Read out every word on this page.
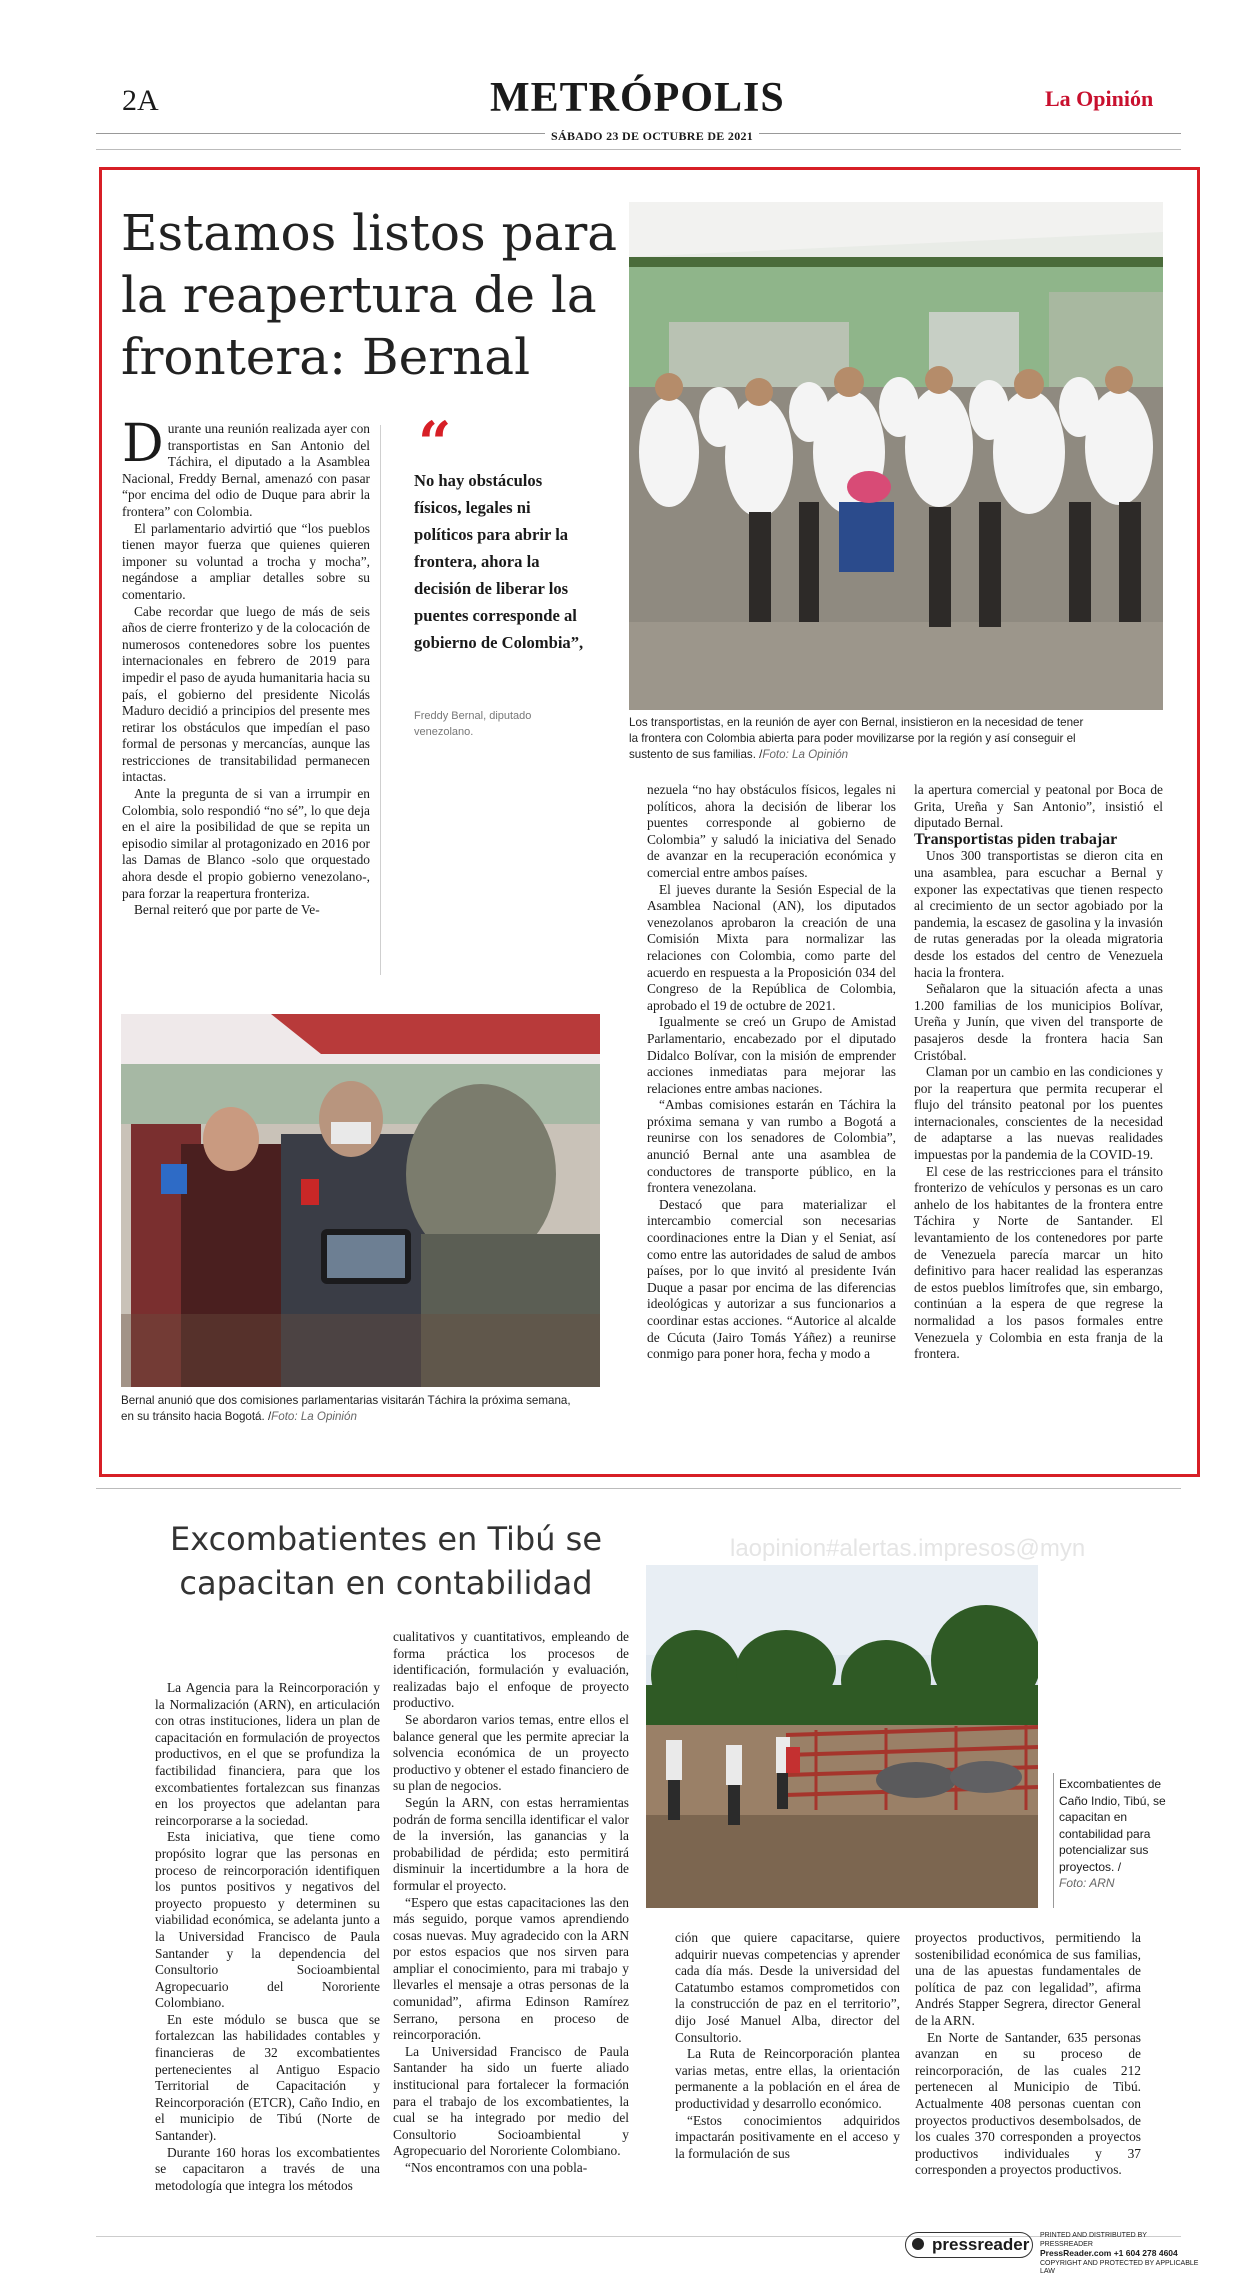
2A	METRÓPOLIS	La Opinión
SÁBADO 23 DE OCTUBRE DE 2021
Estamos listos para la reapertura de la frontera: Bernal

Durante una reunión realizada ayer con transportistas en San Antonio del Táchira, el diputado a la Asamblea Nacional, Freddy Bernal, amenazó con pasar “por encima del odio de Duque para abrir la frontera” con Colombia.

El parlamentario advirtió que “los pueblos tienen mayor fuerza que quienes quieren imponer su voluntad a trocha y mocha”, negándose a ampliar detalles sobre su comentario.

Cabe recordar que luego de más de seis años de cierre fronterizo y de la colocación de numerosos contenedores sobre los puentes internacionales en febrero de 2019 para impedir el paso de ayuda humanitaria hacia su país, el gobierno del presidente Nicolás Maduro decidió a principios del presente mes retirar los obstáculos que impedían el paso formal de personas y mercancías, aunque las restricciones de transitabilidad permanecen intactas.

Ante la pregunta de si van a irrumpir en Colombia, solo respondió “no sé”, lo que deja en el aire la posibilidad de que se repita un episodio similar al protagonizado en 2016 por las Damas de Blanco -solo que orquestado ahora desde el propio gobierno venezolano-, para forzar la reapertura fronteriza.

Bernal reiteró que por parte de Ve-

“
No hay obstáculos físicos, legales ni políticos para abrir la frontera, ahora la decisión de liberar los puentes corresponde al gobierno de Colombia”,
Freddy Bernal, diputado venezolano.
Los transportistas, en la reunión de ayer con Bernal, insistieron en la necesidad de tener la frontera con Colombia abierta para poder movilizarse por la región y así conseguir el sustento de sus familias. /Foto: La Opinión
Bernal anunió que dos comisiones parlamentarias visitarán Táchira la próxima semana, en su tránsito hacia Bogotá. /Foto: La Opinión

nezuela “no hay obstáculos físicos, legales ni políticos, ahora la decisión de liberar los puentes corresponde al gobierno de Colombia” y saludó la iniciativa del Senado de avanzar en la recuperación económica y comercial entre ambos países.

El jueves durante la Sesión Especial de la Asamblea Nacional (AN), los diputados venezolanos aprobaron la creación de una Comisión Mixta para normalizar las relaciones con Colombia, como parte del acuerdo en respuesta a la Proposición 034 del Congreso de la República de Colombia, aprobado el 19 de octubre de 2021.

Igualmente se creó un Grupo de Amistad Parlamentario, encabezado por el diputado Didalco Bolívar, con la misión de emprender acciones inmediatas para mejorar las relaciones entre ambas naciones.

“Ambas comisiones estarán en Táchira la próxima semana y van rumbo a Bogotá a reunirse con los senadores de Colombia”, anunció Bernal ante una asamblea de conductores de transporte público, en la frontera venezolana.

Destacó que para materializar el intercambio comercial son necesarias coordinaciones entre la Dian y el Seniat, así como entre las autoridades de salud de ambos países, por lo que invitó al presidente Iván Duque a pasar por encima de las diferencias ideológicas y autorizar a sus funcionarios a coordinar estas acciones. “Autorice al alcalde de Cúcuta (Jairo Tomás Yáñez) a reunirse conmigo para poner hora, fecha y modo a

la apertura comercial y peatonal por Boca de Grita, Ureña y San Antonio”, insistió el diputado Bernal.

Transportistas piden trabajar

Unos 300 transportistas se dieron cita en una asamblea, para escuchar a Bernal y exponer las expectativas que tienen respecto al crecimiento de un sector agobiado por la pandemia, la escasez de gasolina y la invasión de rutas generadas por la oleada migratoria desde los estados del centro de Venezuela hacia la frontera.

Señalaron que la situación afecta a unas 1.200 familias de los municipios Bolívar, Ureña y Junín, que viven del transporte de pasajeros desde la frontera hacia San Cristóbal.

Claman por un cambio en las condiciones y por la reapertura que permita recuperar el flujo del tránsito peatonal por los puentes internacionales, conscientes de la necesidad de adaptarse a las nuevas realidades impuestas por la pandemia de la COVID-19.

El cese de las restricciones para el tránsito fronterizo de vehículos y personas es un caro anhelo de los habitantes de la frontera entre Táchira y Norte de Santander. El levantamiento de los contenedores por parte de Venezuela parecía marcar un hito definitivo para hacer realidad las esperanzas de estos pueblos limítrofes que, sin embargo, continúan a la espera de que regrese la normalidad a los pasos formales entre Venezuela y Colombia en esta franja de la frontera.

Excombatientes en Tibú se capacitan en contabilidad
laopinion#alertas.impresos@myn
Excombatientes de Caño Indio, Tibú, se capacitan en contabilidad para potencializar sus proyectos. /
Foto: ARN

La Agencia para la Reincorporación y la Normalización (ARN), en articulación con otras instituciones, lidera un plan de capacitación en formulación de proyectos productivos, en el que se profundiza la factibilidad financiera, para que los excombatientes fortalezcan sus finanzas en los proyectos que adelantan para reincorporarse a la sociedad.

Esta iniciativa, que tiene como propósito lograr que las personas en proceso de reincorporación identifiquen los puntos positivos y negativos del proyecto propuesto y determinen su viabilidad económica, se adelanta junto a la Universidad Francisco de Paula Santander y la dependencia del Consultorio Socioambiental Agropecuario del Nororiente Colombiano.

En este módulo se busca que se fortalezcan las habilidades contables y financieras de 32 excombatientes pertenecientes al Antiguo Espacio Territorial de Capacitación y Reincorporación (ETCR), Caño Indio, en el municipio de Tibú (Norte de Santander).

Durante 160 horas los excombatientes se capacitaron a través de una metodología que integra los métodos

cualitativos y cuantitativos, empleando de forma práctica los procesos de identificación, formulación y evaluación, realizadas bajo el enfoque de proyecto productivo.

Se abordaron varios temas, entre ellos el balance general que les permite apreciar la solvencia económica de un proyecto productivo y obtener el estado financiero de su plan de negocios.

Según la ARN, con estas herramientas podrán de forma sencilla identificar el valor de la inversión, las ganancias y la probabilidad de pérdida; esto permitirá disminuir la incertidumbre a la hora de formular el proyecto.

“Espero que estas capacitaciones las den más seguido, porque vamos aprendiendo cosas nuevas. Muy agradecido con la ARN por estos espacios que nos sirven para ampliar el conocimiento, para mi trabajo y llevarles el mensaje a otras personas de la comunidad”, afirma Edinson Ramírez Serrano, persona en proceso de reincorporación.

La Universidad Francisco de Paula Santander ha sido un fuerte aliado institucional para fortalecer la formación para el trabajo de los excombatientes, la cual se ha integrado por medio del Consultorio Socioambiental y Agropecuario del Nororiente Colombiano.

“Nos encontramos con una pobla-

ción que quiere capacitarse, quiere adquirir nuevas competencias y aprender cada día más. Desde la universidad del Catatumbo estamos comprometidos con la construcción de paz en el territorio”, dijo José Manuel Alba, director del Consultorio.

La Ruta de Reincorporación plantea varias metas, entre ellas, la orientación permanente a la población en el área de productividad y desarrollo económico.

“Estos conocimientos adquiridos impactarán positivamente en el acceso y la formulación de sus

proyectos productivos, permitiendo la sostenibilidad económica de sus familias, una de las apuestas fundamentales de política de paz con legalidad”, afirma Andrés Stapper Segrera, director General de la ARN.

En Norte de Santander, 635 personas avanzan en su proceso de reincorporación, de las cuales 212 pertenecen al Municipio de Tibú. Actualmente 408 personas cuentan con proyectos productivos desembolsados, de los cuales 370 corresponden a proyectos productivos individuales y 37 corresponden a proyectos productivos.

pressreader	PRINTED AND DISTRIBUTED BY PRESSREADER
PressReader.com +1 604 278 4604
COPYRIGHT AND PROTECTED BY APPLICABLE LAW
